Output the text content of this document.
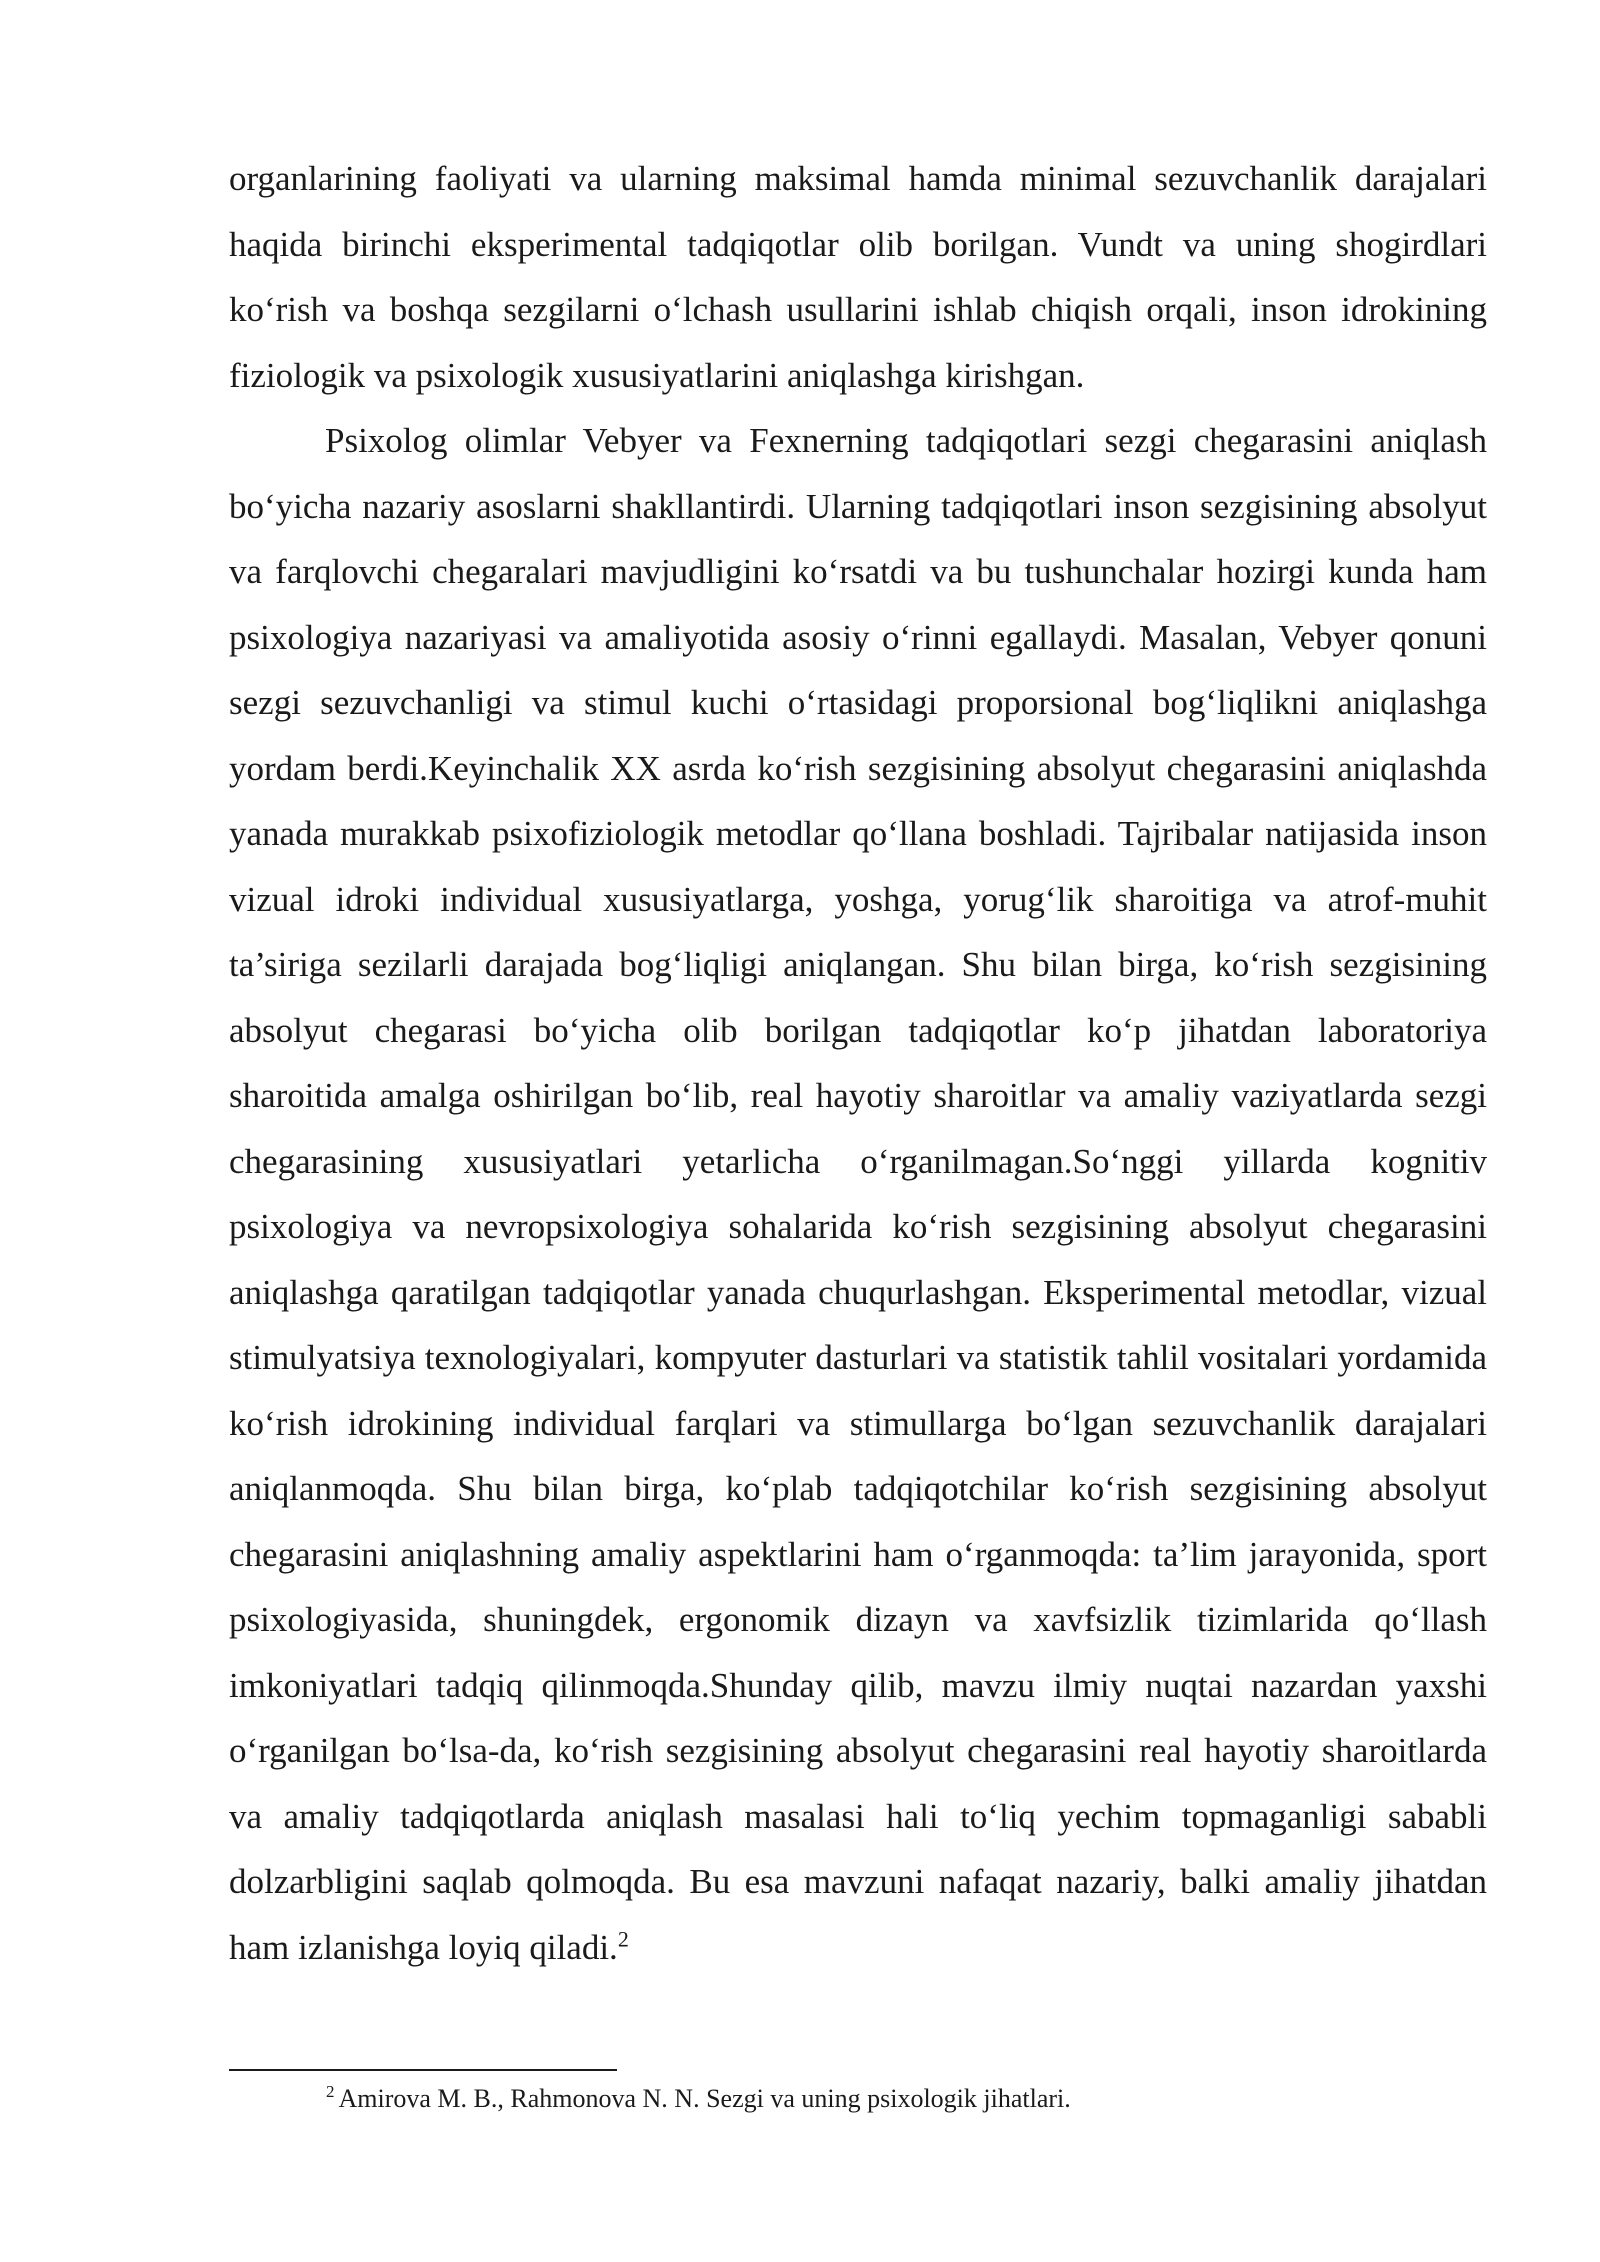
organlarining faoliyati va ularning maksimal hamda minimal sezuvchanlik darajalari haqida birinchi eksperimental tadqiqotlar olib borilgan. Vundt va uning shogirdlari ko‘rish va boshqa sezgilarni o‘lchash usullarini ishlab chiqish orqali, inson idrokining fiziologik va psixologik xususiyatlarini aniqlashga kirishgan.

Psixolog olimlar Vebyer va Fexnerning tadqiqotlari sezgi chegarasini aniqlash bo‘yicha nazariy asoslarni shakllantirdi. Ularning tadqiqotlari inson sezgisining absolyut va farqlovchi chegaralari mavjudligini ko‘rsatdi va bu tushunchalar hozirgi kunda ham psixologiya nazariyasi va amaliyotida asosiy o‘rinni egallaydi. Masalan, Vebyer qonuni sezgi sezuvchanligi va stimul kuchi o‘rtasidagi proporsional bog‘liqlikni aniqlashga yordam berdi.Keyinchalik XX asrda ko‘rish sezgisining absolyut chegarasini aniqlashda yanada murakkab psixofiziologik metodlar qo‘llana boshladi. Tajribalar natijasida inson vizual idroki individual xususiyatlarga, yoshga, yorug‘lik sharoitiga va atrof-muhit ta’siriga sezilarli darajada bog‘liqligi aniqlangan. Shu bilan birga, ko‘rish sezgisining absolyut chegarasi bo‘yicha olib borilgan tadqiqotlar ko‘p jihatdan laboratoriya sharoitida amalga oshirilgan bo‘lib, real hayotiy sharoitlar va amaliy vaziyatlarda sezgi chegarasining xususiyatlari yetarlicha o‘rganilmagan.So‘nggi yillarda kognitiv psixologiya va nevropsixologiya sohalarida ko‘rish sezgisining absolyut chegarasini aniqlashga qaratilgan tadqiqotlar yanada chuqurlashgan. Eksperimental metodlar, vizual stimulyatsiya texnologiyalari, kompyuter dasturlari va statistik tahlil vositalari yordamida ko‘rish idrokining individual farqlari va stimullarga bo‘lgan sezuvchanlik darajalari aniqlanmoqda. Shu bilan birga, ko‘plab tadqiqotchilar ko‘rish sezgisining absolyut chegarasini aniqlashning amaliy aspektlarini ham o‘rganmoqda: ta’lim jarayonida, sport psixologiyasida, shuningdek, ergonomik dizayn va xavfsizlik tizimlarida qo‘llash imkoniyatlari tadqiq qilinmoqda.Shunday qilib, mavzu ilmiy nuqtai nazardan yaxshi o‘rganilgan bo‘lsa-da, ko‘rish sezgisining absolyut chegarasini real hayotiy sharoitlarda va amaliy tadqiqotlarda aniqlash masalasi hali to‘liq yechim topmaganligi sababli dolzarbligini saqlab qolmoqda. Bu esa mavzuni nafaqat nazariy, balki amaliy jihatdan ham izlanishga loyiq qiladi.$^2$

$^2$ Amirova M. B., Rahmonova N. N. Sezgi va uning psixologik jihatlari.
